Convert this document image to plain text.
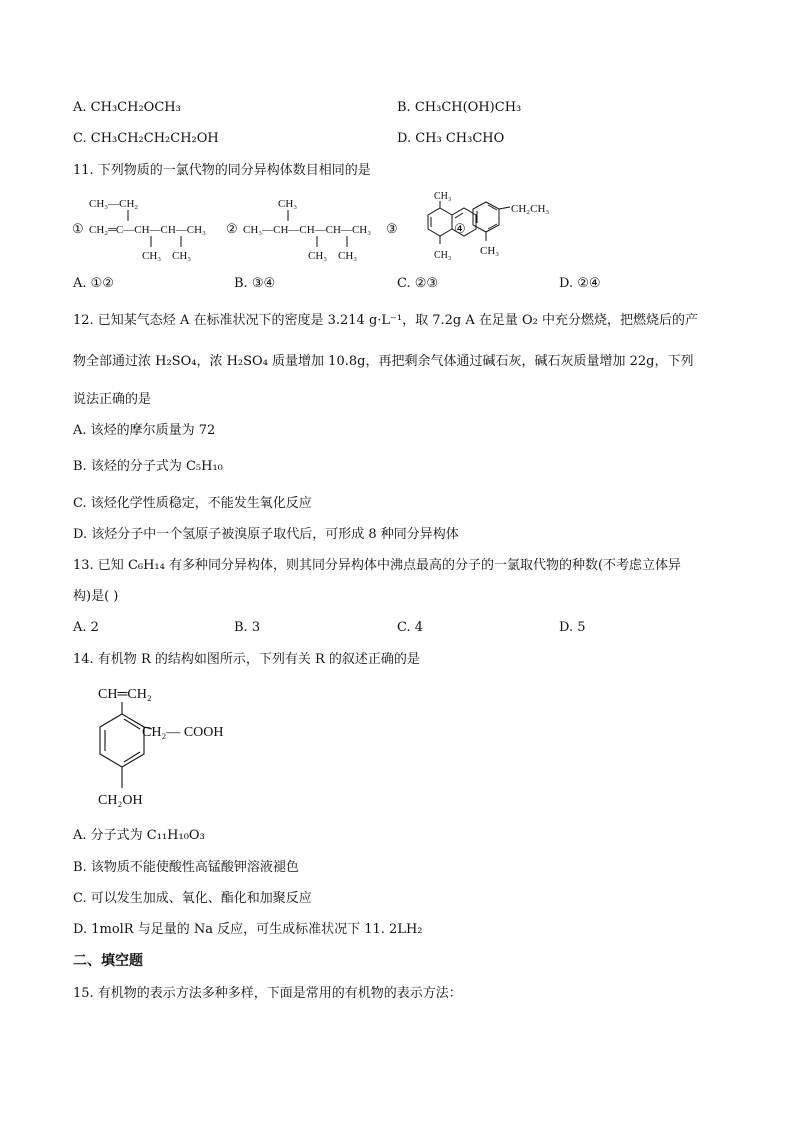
A. CH₃CH₂OCH₃	B. CH₃CH(OH)CH₃
C. CH₃CH₂CH₂CH₂OH	D. CH₃ CH₃CHO
11. 下列物质的一氯代物的同分异构体数目相同的是
①
CH₃—CH₂
CH₂═C—CH—CH—CH₃
CH₃ CH₃
②
CH₃
CH₃—CH—CH—CH—CH₃
CH₃ CH₃
③
CH₃
CH₃
④
CH₂CH₃
CH₃
A. ①②	B. ③④	C. ②③	D. ②④
12. 已知某气态烃 A 在标准状况下的密度是 3.214 g·L⁻¹，取 7.2g A 在足量 O₂ 中充分燃烧，把燃烧后的产
物全部通过浓 H₂SO₄，浓 H₂SO₄ 质量增加 10.8g，再把剩余气体通过碱石灰，碱石灰质量增加 22g，下列
说法正确的是
A. 该烃的摩尔质量为 72
B. 该烃的分子式为 C₅H₁₀
C. 该烃化学性质稳定，不能发生氧化反应
D. 该烃分子中一个氢原子被溴原子取代后，可形成 8 种同分异构体
13. 已知 C₆H₁₄ 有多种同分异构体，则其同分异构体中沸点最高的分子的一氯取代物的种数(不考虑立体异
构)是( )
A. 2	B. 3	C. 4	D. 5
14. 有机物 R 的结构如图所示，下列有关 R 的叙述正确的是
CH═CH₂
CH₂— COOH
CH₂OH
A. 分子式为 C₁₁H₁₀O₃
B. 该物质不能使酸性高锰酸钾溶液褪色
C. 可以发生加成、氧化、酯化和加聚反应
D. 1molR 与足量的 Na 反应，可生成标准状况下 11. 2LH₂
二、填空题
15. 有机物的表示方法多种多样，下面是常用的有机物的表示方法：
